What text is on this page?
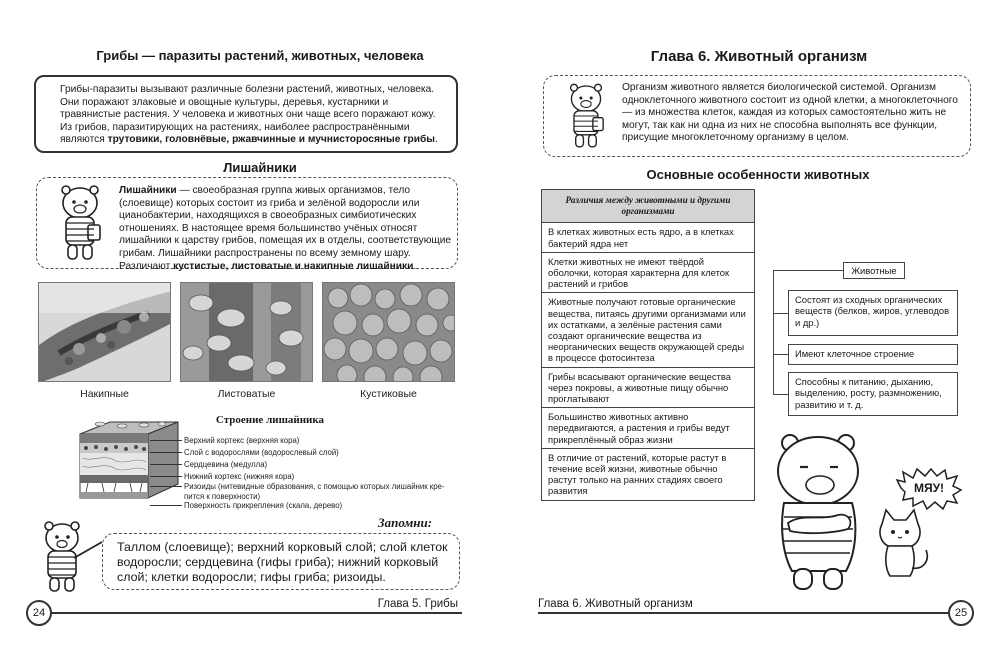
Грибы — паразиты растений, животных, человека
Грибы-паразиты вызывают различные болезни растений, животных, человека. Они поражают злаковые и овощные культуры, деревья, кустарники и травянистые растения. У человека и животных они чаще всего поражают кожу. Из грибов, паразитирующих на растениях, наиболее распространёнными являются трутовики, головнёвые, ржавчинные и мучнисторосяные грибы.
Лишайники
Лишайники — своеобразная группа живых организмов, тело (слоевище) которых состоит из гриба и зелёной водоросли или цианобактерии, находящихся в своеобразных симбиотических отношениях. В настоящее время большинство учёных относят лишайники к царству грибов, помещая их в отделы, соответствующие грибам. Лишайники распространены по всему земному шару. Различают кустистые, листоватые и накипные лишайники.
Накипные	Листоватые	Кустиковые
Строение лишайника
Верхний кортекс (верхняя кора)
Слой с водорослями (водорослевый слой)
Сердцевина (медулла)
Нижний кортекс (нижняя кора)
Ризоиды (нитевидные образования, с помощью которых лишайник кре-
пится к поверхности)
Поверхность прикрепления (скала, дерево)
Запомни:
Таллом (слоевище); верхний корковый слой; слой клеток водоросли; сердцевина (гифы гриба); нижний корковый слой; клетки водоросли; гифы гриба; ризоиды.
24
Глава 5. Грибы
Глава 6. Животный организм
Организм животного является биологической системой. Организм одноклеточного животного состоит из одной клетки, а многоклеточного — из множества клеток, каждая из которых самостоятельно жить не могут, так как ни одна из них не способна выполнять все функции, присущие многоклеточному организму в целом.
Основные особенности животных
Различия между животными и другими организмами
В клетках животных есть ядро, а в клетках бактерий ядра нет
Клетки животных не имеют твёрдой оболочки, которая характерна для клеток растений и грибов
Животные получают готовые органические вещества, питаясь другими организмами или их остатками, а зелёные растения сами создают органические вещества из неорганических веществ окружающей среды в процессе фотосинтеза
Грибы всасывают органические вещества через покровы, а животные пищу обычно проглатывают
Большинство животных активно передвигаются, а растения и грибы ведут прикреплённый образ жизни
В отличие от растений, которые растут в течение всей жизни, животные обычно растут только на ранних стадиях своего развития
Животные
Состоят из сходных органических веществ (белков, жиров, углеводов и др.)
Имеют клеточное строение
Способны к питанию, дыханию, выделению, росту, размножению, развитию и т. д.
МЯУ!
Глава 6. Животный организм
25
